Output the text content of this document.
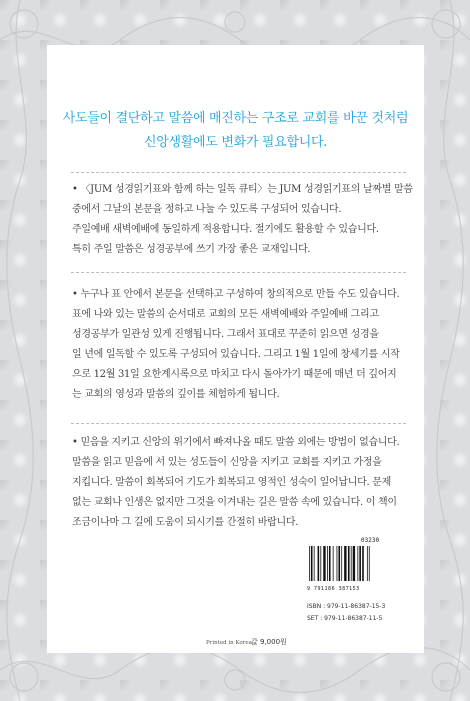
사도들이 결단하고 말씀에 매진하는 구조로 교회를 바꾼 것처럼
신앙생활에도 변화가 필요합니다.

• 〈JUM 성경읽기표와 함께 하는 일독 큐티〉는 JUM 성경읽기표의 날짜별 말씀

중에서 그날의 본문을 정하고 나눌 수 있도록 구성되어 있습니다.

주일예배 새벽예배에 동일하게 적용합니다. 절기에도 활용할 수 있습니다.

특히 주일 말씀은 성경공부에 쓰기 가장 좋은 교재입니다.

• 누구나 표 안에서 본문을 선택하고 구성하여 창의적으로 만들 수도 있습니다.

표에 나와 있는 말씀의 순서대로 교회의 모든 새벽예배와 주일예배 그리고

성경공부가 일관성 있게 진행됩니다. 그래서 표대로 꾸준히 읽으면 성경을

일 년에 일독할 수 있도록 구성되어 있습니다. 그리고 1월 1일에 창세기를 시작

으로 12월 31일 요한계시록으로 마치고 다시 돌아가기 때문에 매년 더 깊어지

는 교회의 영성과 말씀의 깊이를 체험하게 됩니다.

• 믿음을 지키고 신앙의 위기에서 빠져나올 때도 말씀 외에는 방법이 없습니다.

말씀을 읽고 믿음에 서 있는 성도들이 신앙을 지키고 교회를 지키고 가정을

지킵니다. 말씀이 회복되어 기도가 회복되고 영적인 성숙이 일어납니다. 문제

없는 교회나 인생은 없지만 그것을 이겨내는 길은 말씀 속에 있습니다. 이 책이

조금이나마 그 길에 도움이 되시기를 간절히 바랍니다.

03230
9 791186 387153
ISBN : 979-11-86387-15-3
SET : 979-11-86387-11-5
Printed in Korea 값 9,000원
